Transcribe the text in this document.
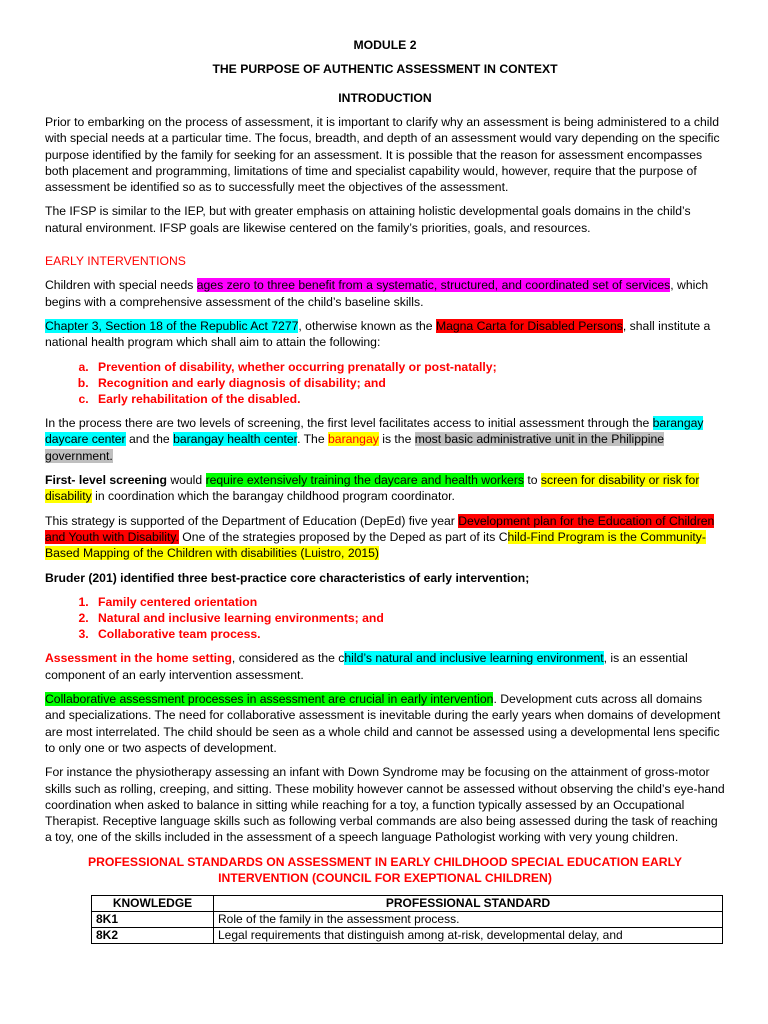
MODULE 2
THE PURPOSE OF AUTHENTIC ASSESSMENT IN CONTEXT
INTRODUCTION

Prior to embarking on the process of assessment, it is important to clarify why an assessment is being administered to a child with special needs at a particular time. The focus, breadth, and depth of an assessment would vary depending on the specific purpose identified by the family for seeking for an assessment. It is possible that the reason for assessment encompasses both placement and programming, limitations of time and specialist capability would, however, require that the purpose of assessment be identified so as to successfully meet the objectives of the assessment.

The IFSP is similar to the IEP, but with greater emphasis on attaining holistic developmental goals domains in the child’s natural environment. IFSP goals are likewise centered on the family’s priorities, goals, and resources.

EARLY INTERVENTIONS

Children with special needs ages zero to three benefit from a systematic, structured, and coordinated set of services, which begins with a comprehensive assessment of the child’s baseline skills.

Chapter 3, Section 18 of the Republic Act 7277, otherwise known as the Magna Carta for Disabled Persons, shall institute a national health program which shall aim to attain the following:

a. Prevention of disability, whether occurring prenatally or post-natally;
b. Recognition and early diagnosis of disability; and
c. Early rehabilitation of the disabled.

In the process there are two levels of screening, the first level facilitates access to initial assessment through the barangay daycare center and the barangay health center. The barangay is the most basic administrative unit in the Philippine government.

First- level screening would require extensively training the daycare and health workers to screen for disability or risk for disability in coordination which the barangay childhood program coordinator.

This strategy is supported of the Department of Education (DepEd) five year Development plan for the Education of Children and Youth with Disability. One of the strategies proposed by the Deped as part of its Child-Find Program is the Community-Based Mapping of the Children with disabilities (Luistro, 2015)

Bruder (201) identified three best-practice core characteristics of early intervention;

1. Family centered orientation
2. Natural and inclusive learning environments; and
3. Collaborative team process.

Assessment in the home setting, considered as the child’s natural and inclusive learning environment, is an essential component of an early intervention assessment.

Collaborative assessment processes in assessment are crucial in early intervention. Development cuts across all domains and specializations. The need for collaborative assessment is inevitable during the early years when domains of development are most interrelated. The child should be seen as a whole child and cannot be assessed using a developmental lens specific to only one or two aspects of development.

For instance the physiotherapy assessing an infant with Down Syndrome may be focusing on the attainment of gross-motor skills such as rolling, creeping, and sitting. These mobility however cannot be assessed without observing the child’s eye-hand coordination when asked to balance in sitting while reaching for a toy, a function typically assessed by an Occupational Therapist. Receptive language skills such as following verbal commands are also being assessed during the task of reaching a toy, one of the skills included in the assessment of a speech language Pathologist working with very young children.

PROFESSIONAL STANDARDS ON ASSESSMENT IN EARLY CHILDHOOD SPECIAL EDUCATION EARLY INTERVENTION (COUNCIL FOR EXEPTIONAL CHILDREN)
KNOWLEDGE	PROFESSIONAL STANDARD
8K1	Role of the family in the assessment process.
8K2	Legal requirements that distinguish among at-risk, developmental delay, and
